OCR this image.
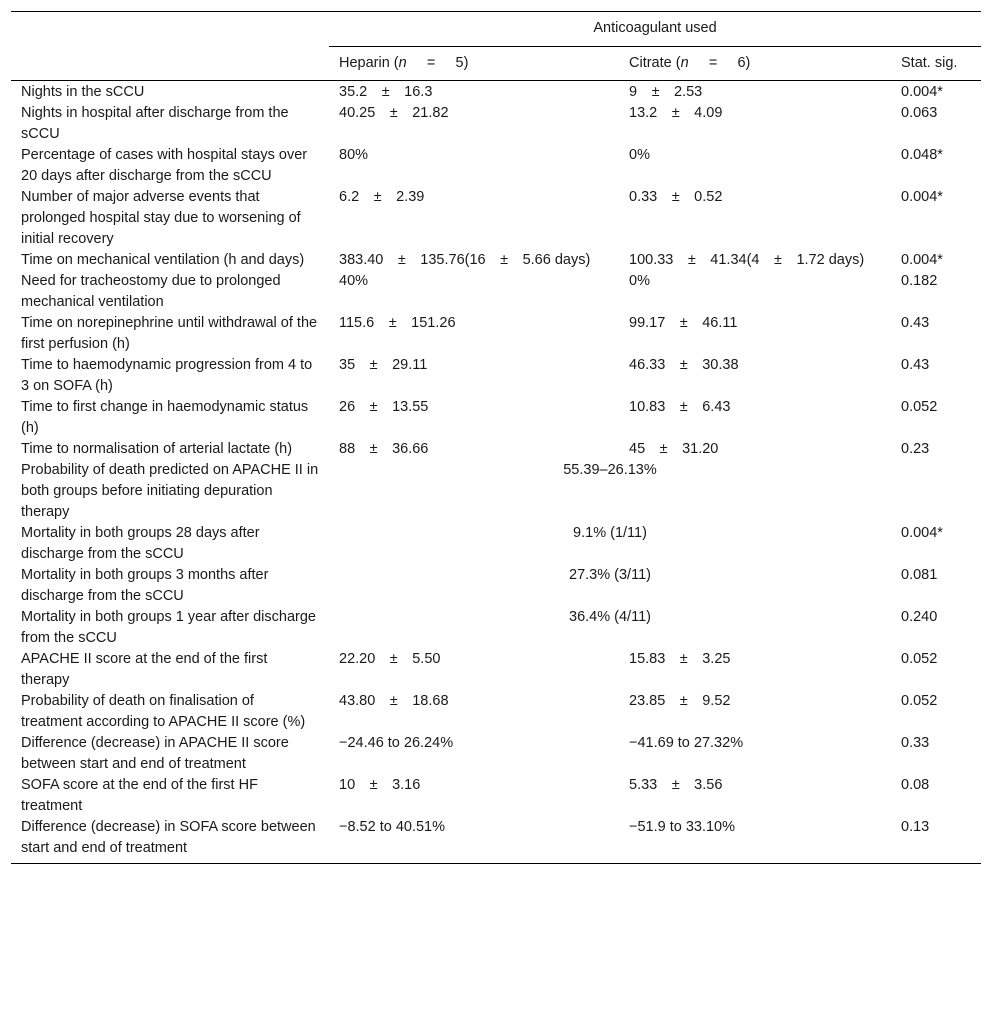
	Anticoagulant used		
	Heparin (n = 5)	Citrate (n = 6)	Stat. sig.
Nights in the sCCU	35.2 ± 16.3	9 ± 2.53	0.004*
Nights in hospital after discharge from the sCCU	40.25 ± 21.82	13.2 ± 4.09	0.063
Percentage of cases with hospital stays over 20 days after discharge from the sCCU	80%	0%	0.048*
Number of major adverse events that prolonged hospital stay due to worsening of initial recovery	6.2 ± 2.39	0.33 ± 0.52	0.004*
Time on mechanical ventilation (h and days)	383.40 ± 135.76(16 ± 5.66 days)	100.33 ± 41.34(4 ± 1.72 days)	0.004*
Need for tracheostomy due to prolonged mechanical ventilation	40%	0%	0.182
Time on norepinephrine until withdrawal of the first perfusion (h)	115.6 ± 151.26	99.17 ± 46.11	0.43
Time to haemodynamic progression from 4 to 3 on SOFA (h)	35 ± 29.11	46.33 ± 30.38	0.43
Time to first change in haemodynamic status (h)	26 ± 13.55	10.83 ± 6.43	0.052
Time to normalisation of arterial lactate (h)	88 ± 36.66	45 ± 31.20	0.23
Probability of death predicted on APACHE II in both groups before initiating depuration therapy	55.39–26.13%		
Mortality in both groups 28 days after discharge from the sCCU	9.1% (1/11)		0.004*
Mortality in both groups 3 months after discharge from the sCCU	27.3% (3/11)		0.081
Mortality in both groups 1 year after discharge from the sCCU	36.4% (4/11)		0.240
APACHE II score at the end of the first therapy	22.20 ± 5.50	15.83 ± 3.25	0.052
Probability of death on finalisation of treatment according to APACHE II score (%)	43.80 ± 18.68	23.85 ± 9.52	0.052
Difference (decrease) in APACHE II score between start and end of treatment	−24.46 to 26.24%	−41.69 to 27.32%	0.33
SOFA score at the end of the first HF treatment	10 ± 3.16	5.33 ± 3.56	0.08
Difference (decrease) in SOFA score between start and end of treatment	−8.52 to 40.51%	−51.9 to 33.10%	0.13
